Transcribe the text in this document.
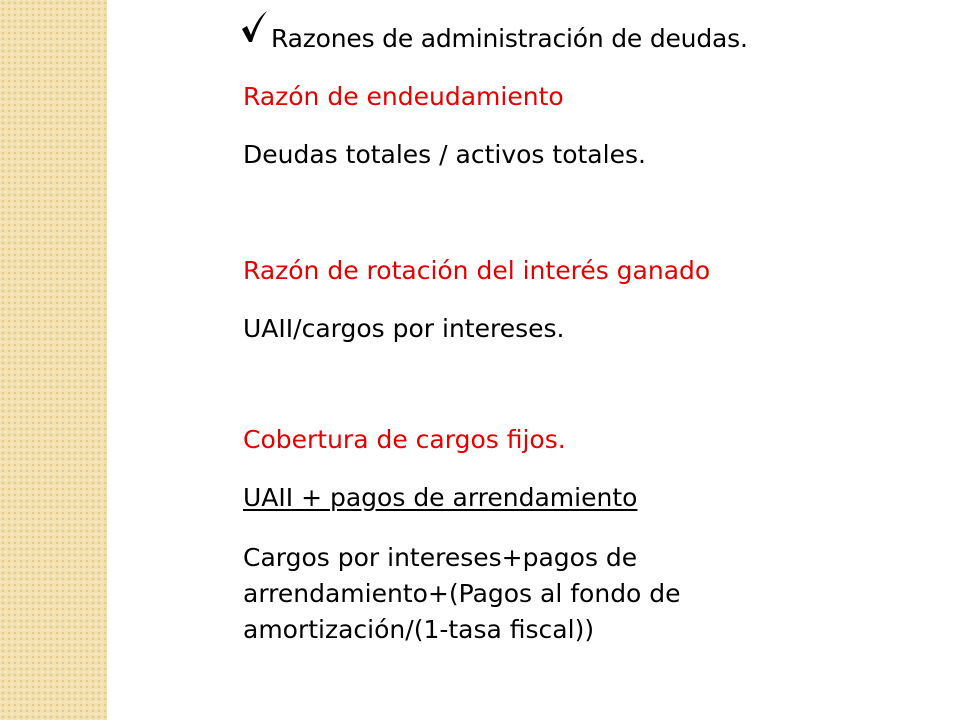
Razones de administración de deudas.
Razón de endeudamiento
Deudas totales / activos totales.
Razón de rotación del interés ganado
UAII/cargos por intereses.
Cobertura de cargos fijos.
UAII + pagos de arrendamiento
Cargos por intereses+pagos de arrendamiento+(Pagos al fondo de amortización/(1-tasa fiscal))
